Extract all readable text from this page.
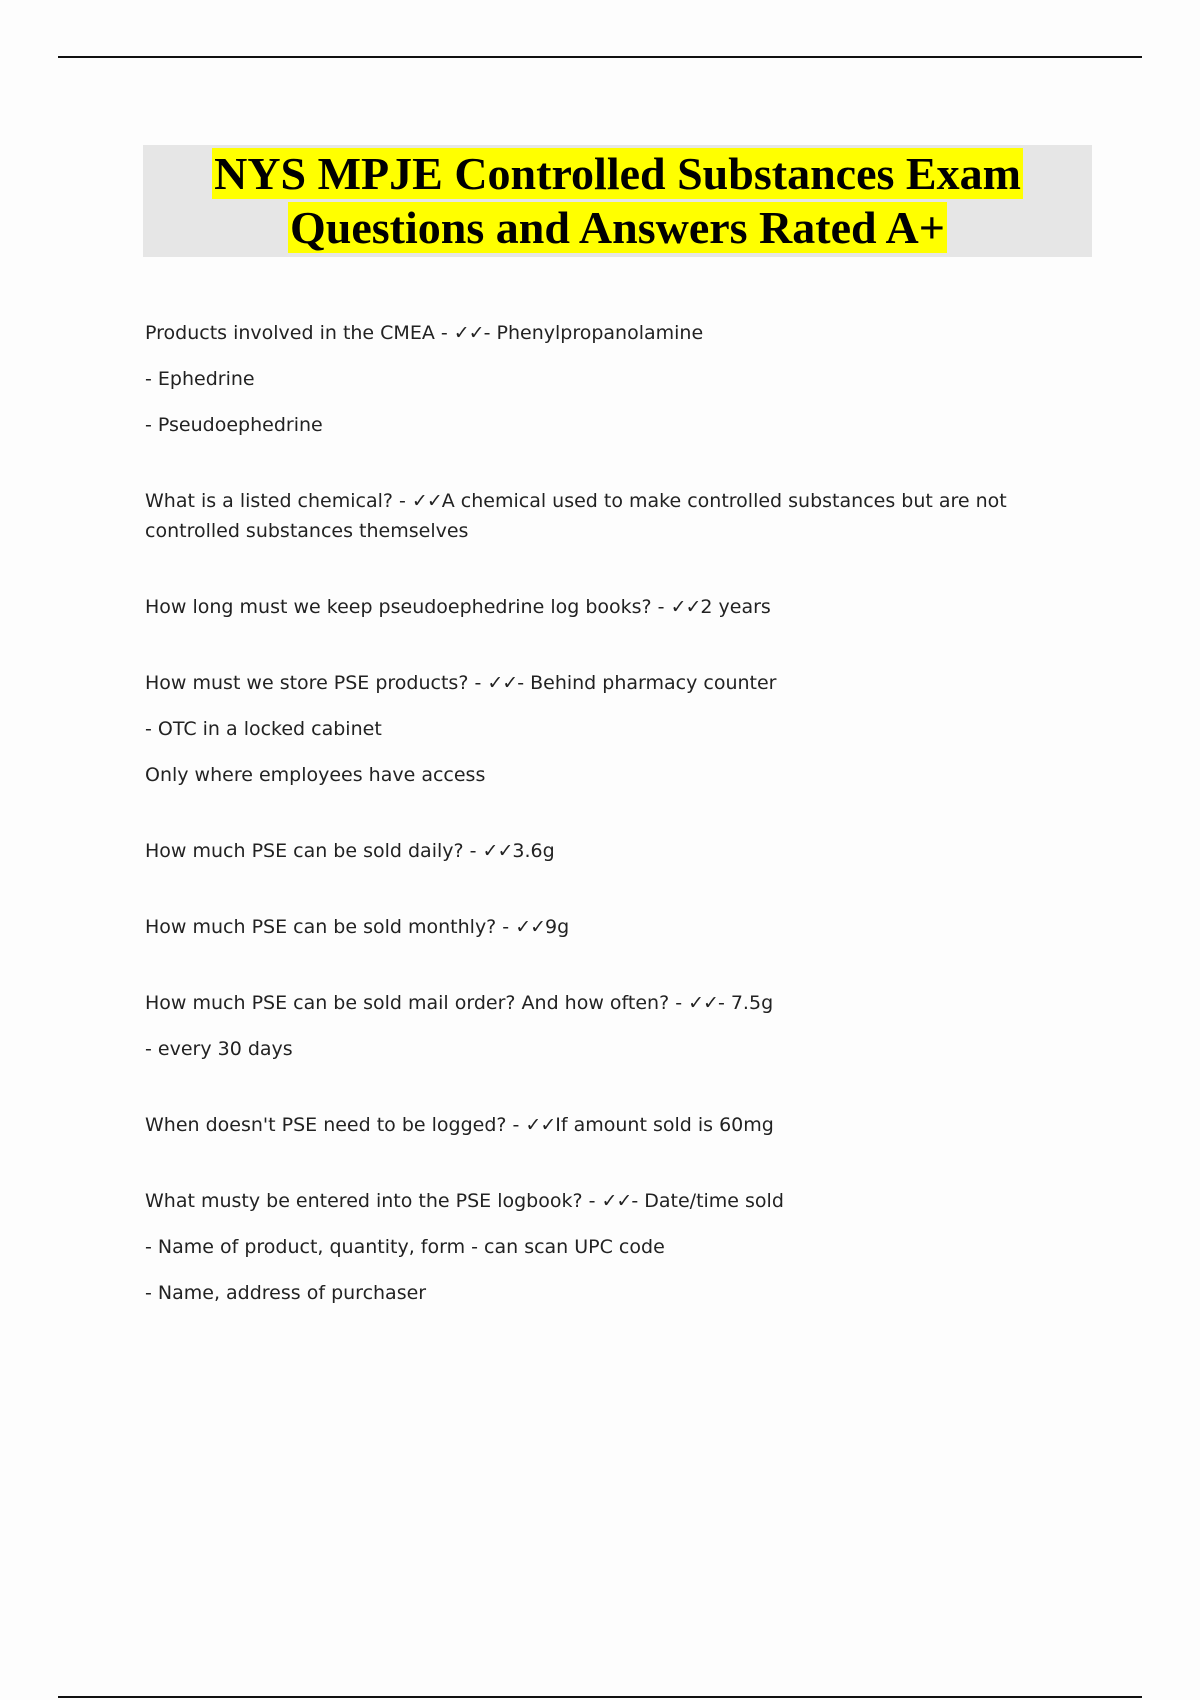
NYS MPJE Controlled Substances Exam
Questions and Answers Rated A+
Products involved in the CMEA - ✓✓- Phenylpropanolamine
- Ephedrine
- Pseudoephedrine
What is a listed chemical? - ✓✓A chemical used to make controlled substances but are not controlled substances themselves
How long must we keep pseudoephedrine log books? - ✓✓2 years
How must we store PSE products? - ✓✓- Behind pharmacy counter
- OTC in a locked cabinet
Only where employees have access
How much PSE can be sold daily? - ✓✓3.6g
How much PSE can be sold monthly? - ✓✓9g
How much PSE can be sold mail order? And how often? - ✓✓- 7.5g
- every 30 days
When doesn't PSE need to be logged? - ✓✓If amount sold is 60mg
What musty be entered into the PSE logbook? - ✓✓- Date/time sold
- Name of product, quantity, form - can scan UPC code
- Name, address of purchaser
